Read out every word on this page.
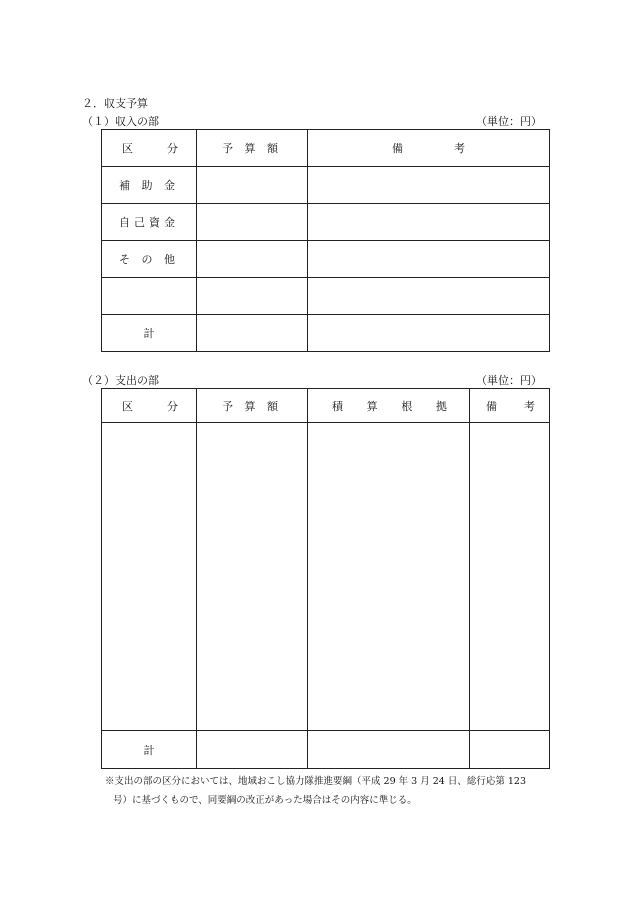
２．収支予算
（１）収入の部	（単位：円）
区 分	予 算 額	備 考

補 助 金		
自己資金		
そ の 他		

計		
（２）支出の部	（単位：円）
区 分	予 算 額	積 算 根 拠	備 考

計			
※支出の部の区分においては、地域おこし協力隊推進要綱（平成 29 年 3 月 24 日、総行応第 123
号）に基づくもので、同要綱の改正があった場合はその内容に準じる。
